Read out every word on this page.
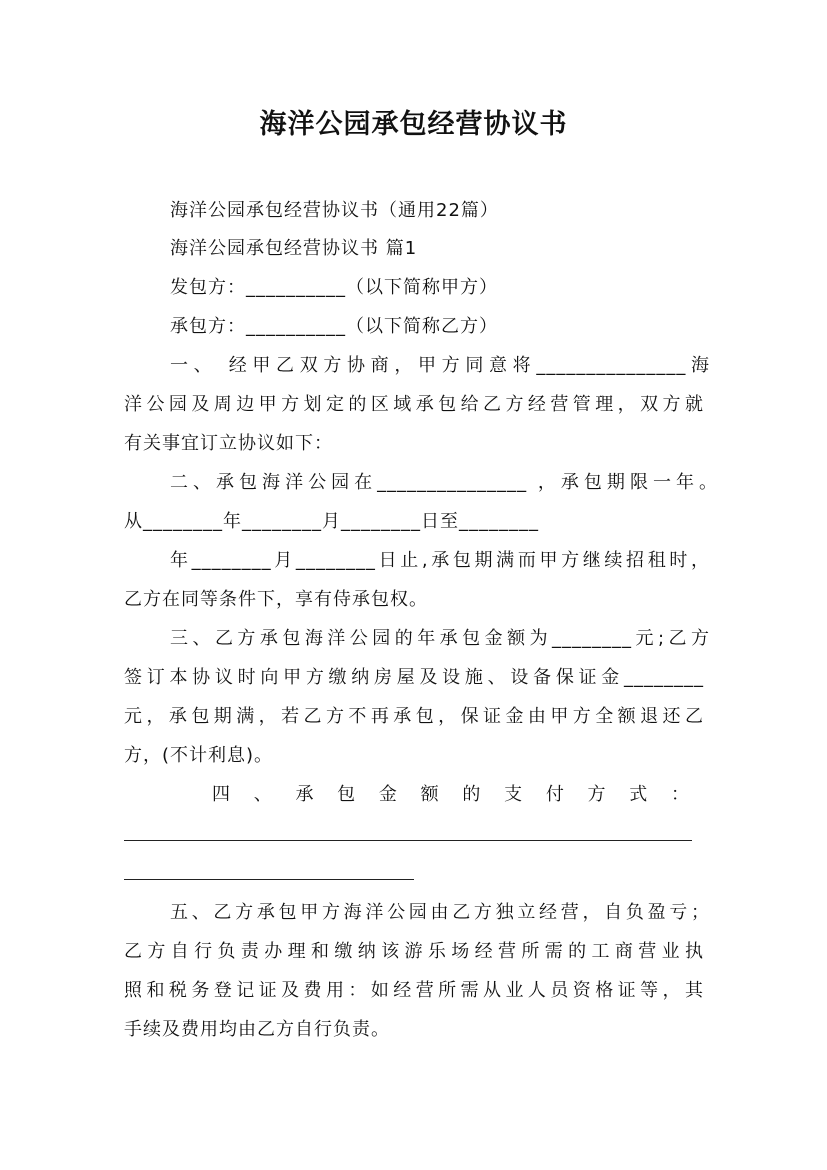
海洋公园承包经营协议书
海洋公园承包经营协议书（通用22篇）
海洋公园承包经营协议书 篇1
发包方：__________（以下简称甲方）
承包方：__________（以下简称乙方）
一、 经甲乙双方协商，甲方同意将_______________海
洋公园及周边甲方划定的区域承包给乙方经营管理，双方就
有关事宜订立协议如下：
二、承包海洋公园在_______________ ，承包期限一年。
从________年________月________日至________
年________月________日止,承包期满而甲方继续招租时，
乙方在同等条件下，享有侍承包权。
三、乙方承包海洋公园的年承包金额为________元;乙方
签订本协议时向甲方缴纳房屋及设施、设备保证金________
元，承包期满，若乙方不再承包，保证金由甲方全额退还乙
方，(不计利息)。
四 、 承 包 金 额 的 支 付 方 式 ：
五、乙方承包甲方海洋公园由乙方独立经营，自负盈亏；
乙方自行负责办理和缴纳该游乐场经营所需的工商营业执
照和税务登记证及费用：如经营所需从业人员资格证等，其
手续及费用均由乙方自行负责。
